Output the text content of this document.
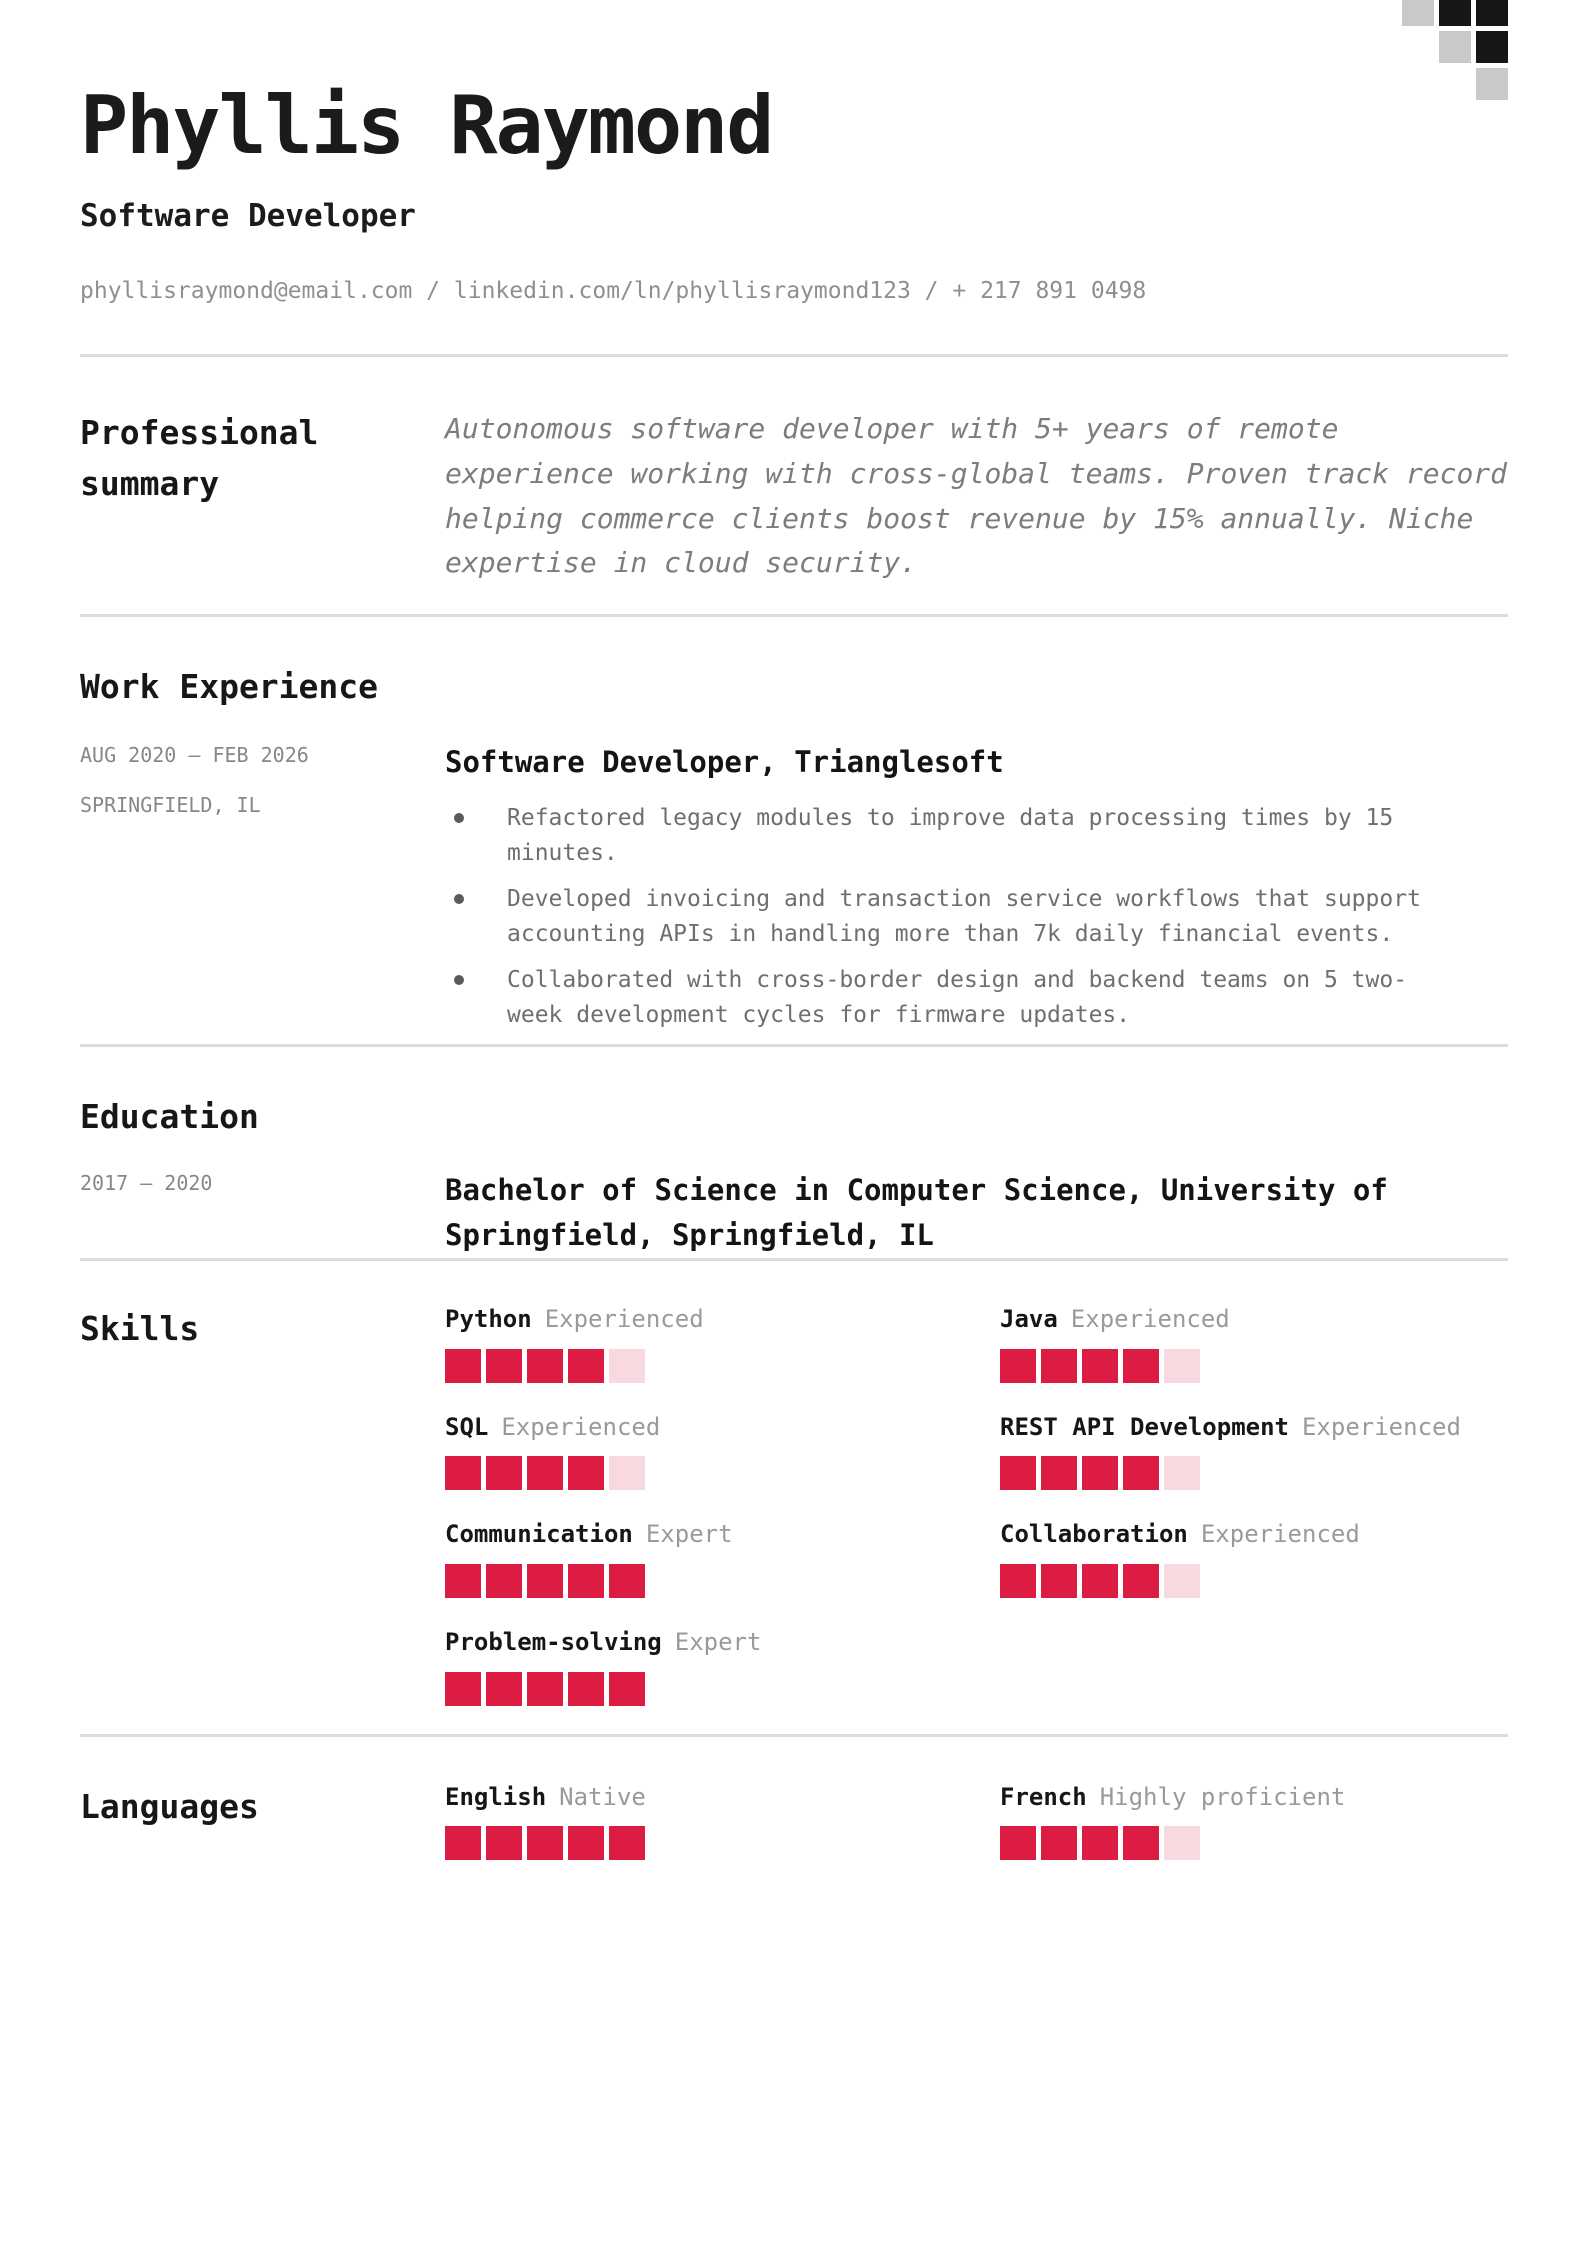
Phyllis Raymond
Software Developer
phyllisraymond@email.com / linkedin.com/ln/phyllisraymond123 / + 217 891 0498
Professional summary

Autonomous software developer with 5+ years of remote experience working with cross-global teams. Proven track record helping commerce clients boost revenue by 15% annually. Niche expertise in cloud security.

Work Experience
AUG 2020 – FEB 2026
SPRINGFIELD, IL
Software Developer, Trianglesoft
Refactored legacy modules to improve data processing times by 15 minutes.
Developed invoicing and transaction service workflows that support accounting APIs in handling more than 7k daily financial events.
Collaborated with cross-border design and backend teams on 5 two-week development cycles for firmware updates.
Education
2017 – 2020	Bachelor of Science in Computer Science, University of Springfield, Springfield, IL
Skills	Python Experienced	Java Experienced
SQL Experienced	REST API Development Experienced
Communication Expert	Collaboration Experienced
Problem-solving Expert
Languages	English Native	French Highly proficient
